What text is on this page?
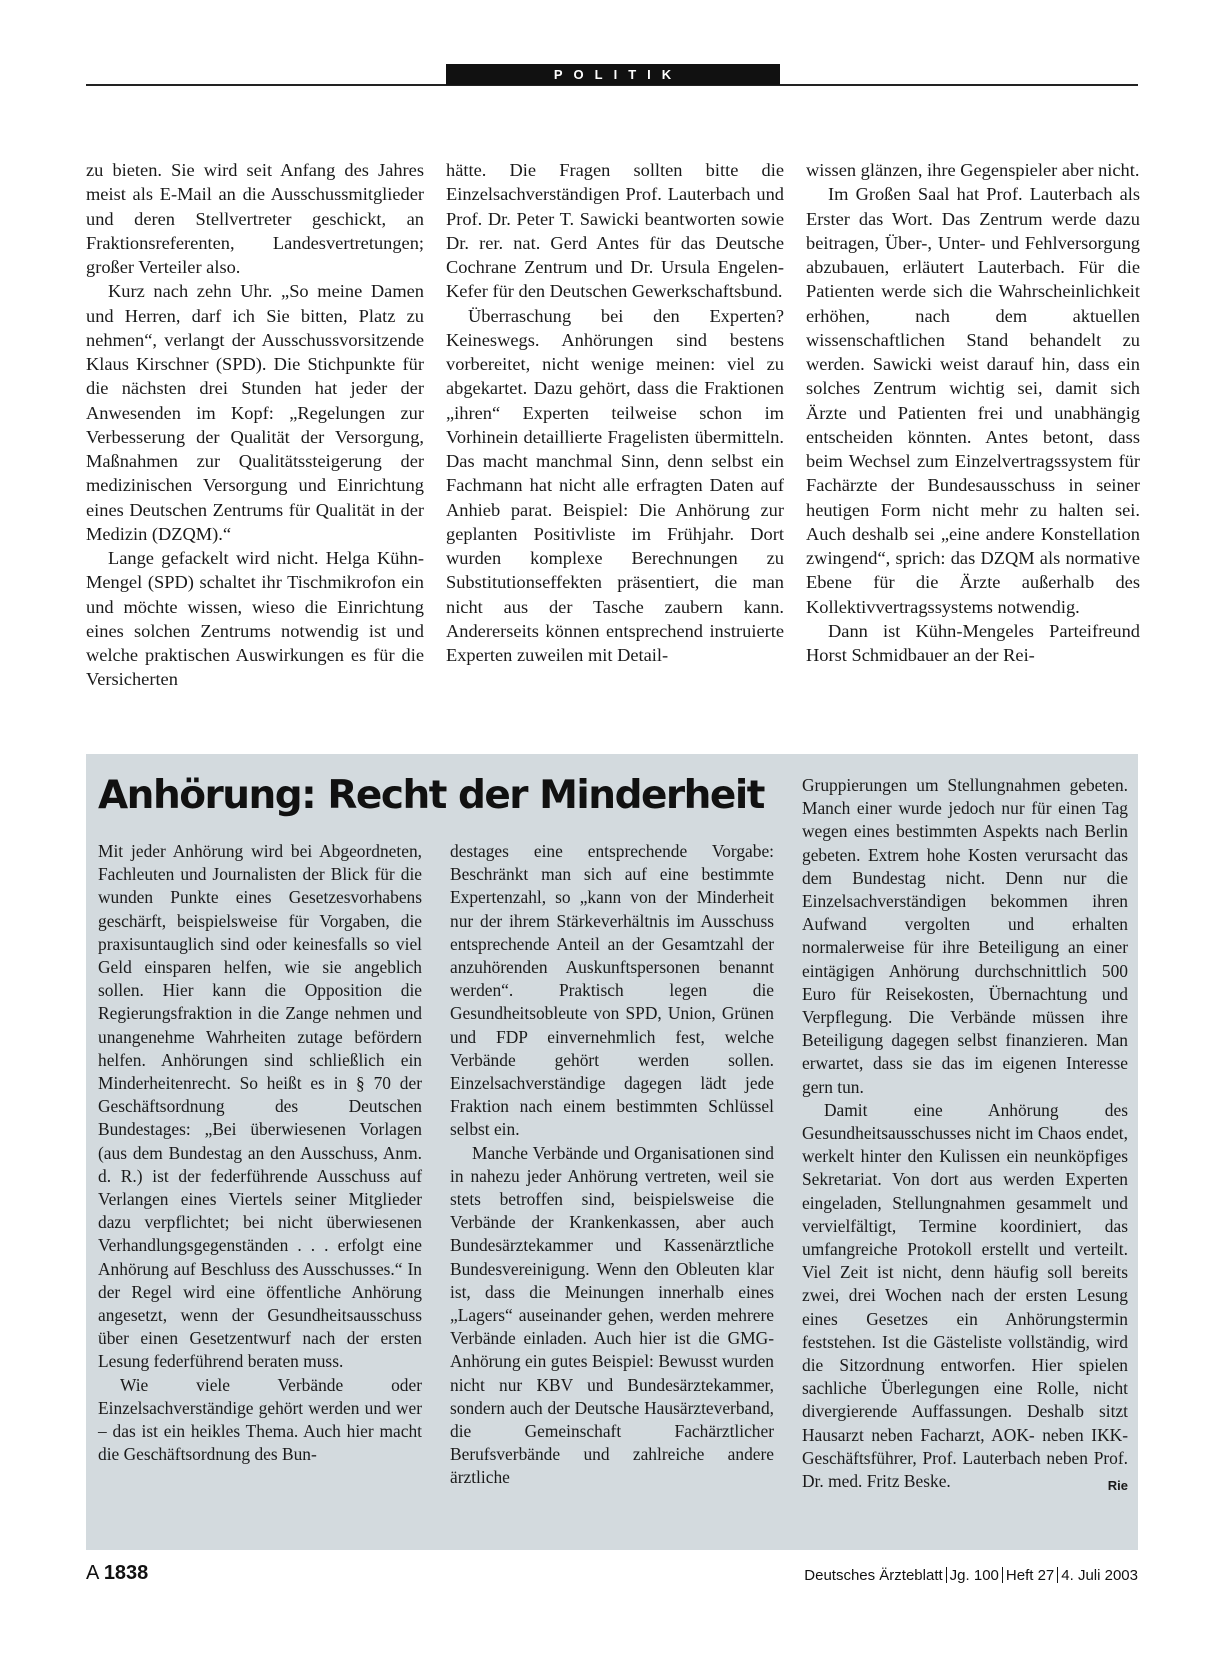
POLITIK

zu bieten. Sie wird seit Anfang des Jahres meist als E-Mail an die Ausschussmitglieder und deren Stellvertreter geschickt, an Fraktionsreferenten, Landesvertretungen; großer Verteiler also.

Kurz nach zehn Uhr. „So meine Damen und Herren, darf ich Sie bitten, Platz zu nehmen“, verlangt der Ausschussvorsitzende Klaus Kirschner (SPD). Die Stichpunkte für die nächsten drei Stunden hat jeder der Anwesenden im Kopf: „Regelungen zur Verbesserung der Qualität der Versorgung, Maßnahmen zur Qualitätssteigerung der medizinischen Versorgung und Einrichtung eines Deutschen Zentrums für Qualität in der Medizin (DZQM).“

Lange gefackelt wird nicht. Helga Kühn-Mengel (SPD) schaltet ihr Tischmikrofon ein und möchte wissen, wieso die Einrichtung eines solchen Zentrums notwendig ist und welche praktischen Auswirkungen es für die Versicherten

hätte. Die Fragen sollten bitte die Einzelsachverständigen Prof. Lauterbach und Prof. Dr. Peter T. Sawicki beantworten sowie Dr. rer. nat. Gerd Antes für das Deutsche Cochrane Zentrum und Dr. Ursula Engelen-Kefer für den Deutschen Gewerkschaftsbund.

Überraschung bei den Experten? Keineswegs. Anhörungen sind bestens vorbereitet, nicht wenige meinen: viel zu abgekartet. Dazu gehört, dass die Fraktionen „ihren“ Experten teilweise schon im Vorhinein detaillierte Fragelisten übermitteln. Das macht manchmal Sinn, denn selbst ein Fachmann hat nicht alle erfragten Daten auf Anhieb parat. Beispiel: Die Anhörung zur geplanten Positivliste im Frühjahr. Dort wurden komplexe Berechnungen zu Substitutionseffekten präsentiert, die man nicht aus der Tasche zaubern kann. Andererseits können entsprechend instruierte Experten zuweilen mit Detail-

wissen glänzen, ihre Gegenspieler aber nicht.

Im Großen Saal hat Prof. Lauterbach als Erster das Wort. Das Zentrum werde dazu beitragen, Über-, Unter- und Fehlversorgung abzubauen, erläutert Lauterbach. Für die Patienten werde sich die Wahrscheinlichkeit erhöhen, nach dem aktuellen wissenschaftlichen Stand behandelt zu werden. Sawicki weist darauf hin, dass ein solches Zentrum wichtig sei, damit sich Ärzte und Patienten frei und unabhängig entscheiden könnten. Antes betont, dass beim Wechsel zum Einzelvertragssystem für Fachärzte der Bundesausschuss in seiner heutigen Form nicht mehr zu halten sei. Auch deshalb sei „eine andere Konstellation zwingend“, sprich: das DZQM als normative Ebene für die Ärzte außerhalb des Kollektivvertragssystems notwendig.

Dann ist Kühn-Mengeles Parteifreund Horst Schmidbauer an der Rei-

Anhörung: Recht der Minderheit

Mit jeder Anhörung wird bei Abgeordneten, Fachleuten und Journalisten der Blick für die wunden Punkte eines Gesetzesvorhabens geschärft, beispielsweise für Vorgaben, die praxisuntauglich sind oder keinesfalls so viel Geld einsparen helfen, wie sie angeblich sollen. Hier kann die Opposition die Regierungsfraktion in die Zange nehmen und unangenehme Wahrheiten zutage befördern helfen. Anhörungen sind schließlich ein Minderheitenrecht. So heißt es in § 70 der Geschäftsordnung des Deutschen Bundestages: „Bei überwiesenen Vorlagen (aus dem Bundestag an den Ausschuss, Anm. d. R.) ist der federführende Ausschuss auf Verlangen eines Viertels seiner Mitglieder dazu verpflichtet; bei nicht überwiesenen Verhandlungsgegenständen . . . erfolgt eine Anhörung auf Beschluss des Ausschusses.“ In der Regel wird eine öffentliche Anhörung angesetzt, wenn der Gesundheitsausschuss über einen Gesetzentwurf nach der ersten Lesung federführend beraten muss.

Wie viele Verbände oder Einzelsachverständige gehört werden und wer – das ist ein heikles Thema. Auch hier macht die Geschäftsordnung des Bun-

destages eine entsprechende Vorgabe: Beschränkt man sich auf eine bestimmte Expertenzahl, so „kann von der Minderheit nur der ihrem Stärkeverhältnis im Ausschuss entsprechende Anteil an der Gesamtzahl der anzuhörenden Auskunftspersonen benannt werden“. Praktisch legen die Gesundheitsobleute von SPD, Union, Grünen und FDP einvernehmlich fest, welche Verbände gehört werden sollen. Einzelsachverständige dagegen lädt jede Fraktion nach einem bestimmten Schlüssel selbst ein.

Manche Verbände und Organisationen sind in nahezu jeder Anhörung vertreten, weil sie stets betroffen sind, beispielsweise die Verbände der Krankenkassen, aber auch Bundesärztekammer und Kassenärztliche Bundesvereinigung. Wenn den Obleuten klar ist, dass die Meinungen innerhalb eines „Lagers“ auseinander gehen, werden mehrere Verbände einladen. Auch hier ist die GMG-Anhörung ein gutes Beispiel: Bewusst wurden nicht nur KBV und Bundesärztekammer, sondern auch der Deutsche Hausärzteverband, die Gemeinschaft Fachärztlicher Berufsverbände und zahlreiche andere ärztliche

Gruppierungen um Stellungnahmen gebeten. Manch einer wurde jedoch nur für einen Tag wegen eines bestimmten Aspekts nach Berlin gebeten. Extrem hohe Kosten verursacht das dem Bundestag nicht. Denn nur die Einzelsachverständigen bekommen ihren Aufwand vergolten und erhalten normalerweise für ihre Beteiligung an einer eintägigen Anhörung durchschnittlich 500 Euro für Reisekosten, Übernachtung und Verpflegung. Die Verbände müssen ihre Beteiligung dagegen selbst finanzieren. Man erwartet, dass sie das im eigenen Interesse gern tun.

Damit eine Anhörung des Gesundheitsausschusses nicht im Chaos endet, werkelt hinter den Kulissen ein neunköpfiges Sekretariat. Von dort aus werden Experten eingeladen, Stellungnahmen gesammelt und vervielfältigt, Termine koordiniert, das umfangreiche Protokoll erstellt und verteilt. Viel Zeit ist nicht, denn häufig soll bereits zwei, drei Wochen nach der ersten Lesung eines Gesetzes ein Anhörungstermin feststehen. Ist die Gästeliste vollständig, wird die Sitzordnung entworfen. Hier spielen sachliche Überlegungen eine Rolle, nicht divergierende Auffassungen. Deshalb sitzt Hausarzt neben Facharzt, AOK- neben IKK-Geschäftsführer, Prof. Lauterbach neben Prof. Dr. med. Fritz Beske.	Rie

A 1838	Deutsches Ärzteblatt Jg. 100 Heft 27 4. Juli 2003
